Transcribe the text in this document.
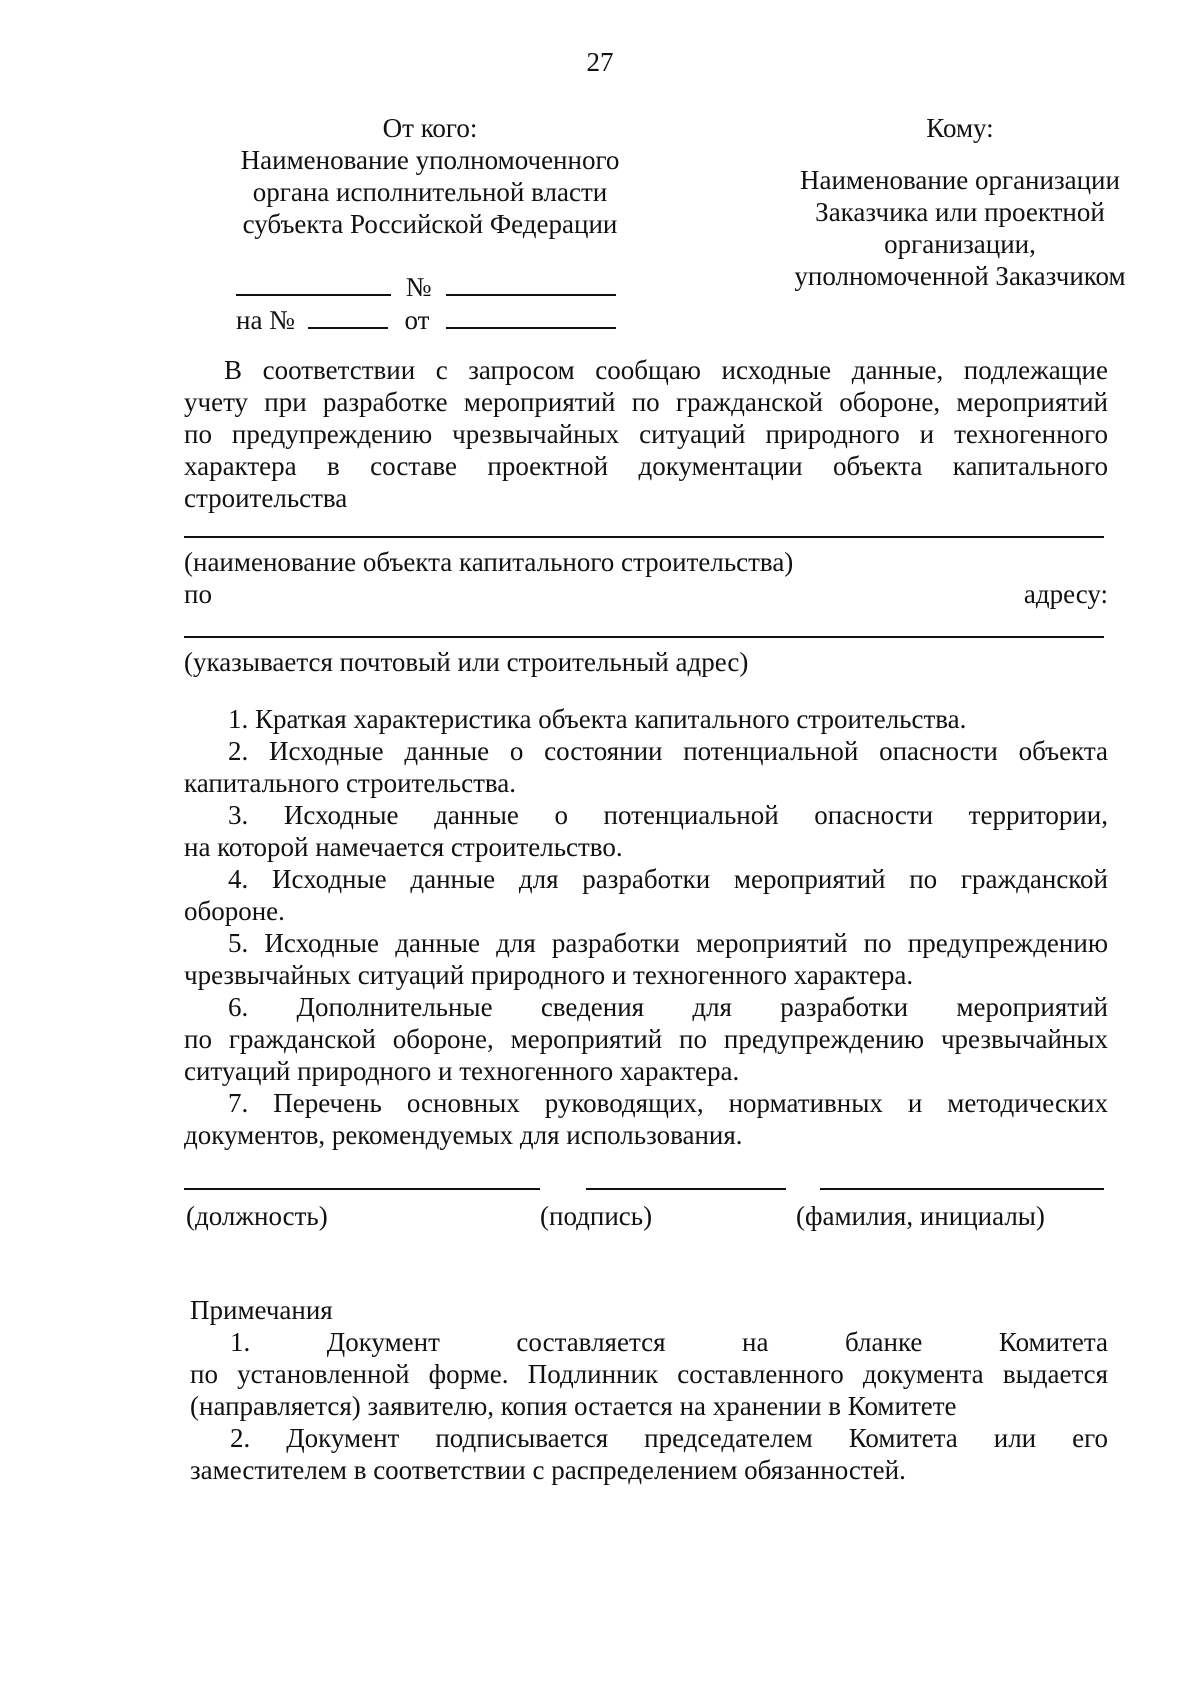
27
От кого:
Наименование уполномоченного
органа исполнительной власти
субъекта Российской Федерации
№
на №	от
Кому:
Наименование организации
Заказчика или проектной
организации,
уполномоченной Заказчиком

В соответствии с запросом сообщаю исходные данные, подлежащие

учету при разработке мероприятий по гражданской обороне, мероприятий

по предупреждению чрезвычайных ситуаций природного и техногенного

характера в составе проектной документации объекта капитального

строительства

(наименование объекта капитального строительства)
по	адресу:
(указывается почтовый или строительный адрес)

1. Краткая характеристика объекта капитального строительства.

2. Исходные данные о состоянии потенциальной опасности объекта

капитального строительства.

3. Исходные данные о потенциальной опасности территории,

на которой намечается строительство.

4. Исходные данные для разработки мероприятий по гражданской

обороне.

5. Исходные данные для разработки мероприятий по предупреждению

чрезвычайных ситуаций природного и техногенного характера.

6. Дополнительные сведения для разработки мероприятий

по гражданской обороне, мероприятий по предупреждению чрезвычайных

ситуаций природного и техногенного характера.

7. Перечень основных руководящих, нормативных и методических

документов, рекомендуемых для использования.

(должность)	(подпись)	(фамилия, инициалы)

Примечания

1. Документ составляется на бланке Комитета

по установленной форме. Подлинник составленного документа выдается

(направляется) заявителю, копия остается на хранении в Комитете

2. Документ подписывается председателем Комитета или его

заместителем в соответствии с распределением обязанностей.
